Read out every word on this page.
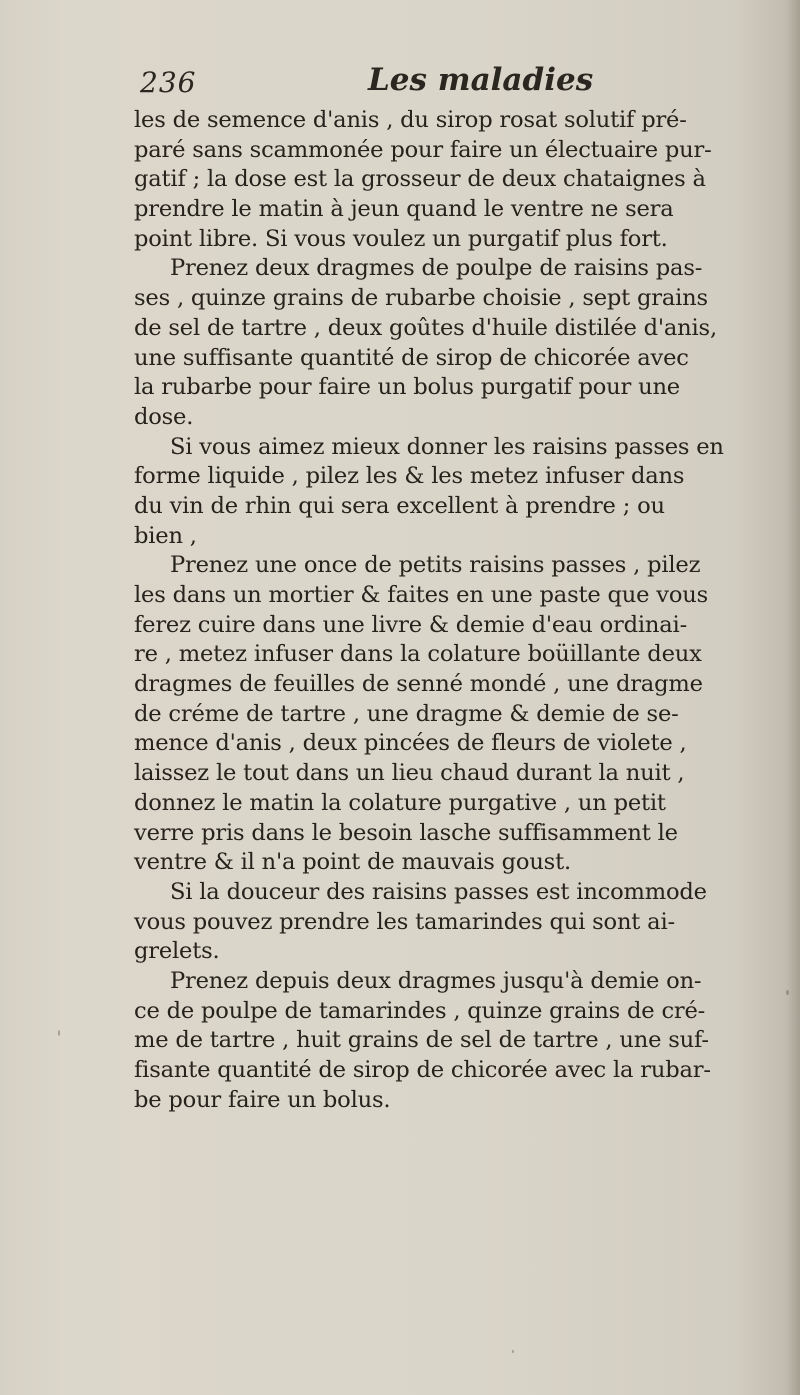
236	Les maladies
les de semence d'anis , du sirop rosat solutif pré-
paré sans scammonée pour faire un électuaire pur-
gatif ; la dose est la grosseur de deux chataignes à
prendre le matin à jeun quand le ventre ne sera
point libre. Si vous voulez un purgatif plus fort.
Prenez deux dragmes de poulpe de raisins pas-
ses , quinze grains de rubarbe choisie , sept grains
de sel de tartre , deux goûtes d'huile distilée d'anis,
une suffisante quantité de sirop de chicorée avec
la rubarbe pour faire un bolus purgatif pour une
dose.
Si vous aimez mieux donner les raisins passes en
forme liquide , pilez les & les metez infuser dans
du vin de rhin qui sera excellent à prendre ; ou
bien ,
Prenez une once de petits raisins passes , pilez
les dans un mortier & faites en une paste que vous
ferez cuire dans une livre & demie d'eau ordinai-
re , metez infuser dans la colature boüillante deux
dragmes de feuilles de senné mondé , une dragme
de créme de tartre , une dragme & demie de se-
mence d'anis , deux pincées de fleurs de violete ,
laissez le tout dans un lieu chaud durant la nuit ,
donnez le matin la colature purgative , un petit
verre pris dans le besoin lasche suffisamment le
ventre & il n'a point de mauvais goust.
Si la douceur des raisins passes est incommode
vous pouvez prendre les tamarindes qui sont ai-
grelets.
Prenez depuis deux dragmes jusqu'à demie on-
ce de poulpe de tamarindes , quinze grains de cré-
me de tartre , huit grains de sel de tartre , une suf-
fisante quantité de sirop de chicorée avec la rubar-
be pour faire un bolus.
